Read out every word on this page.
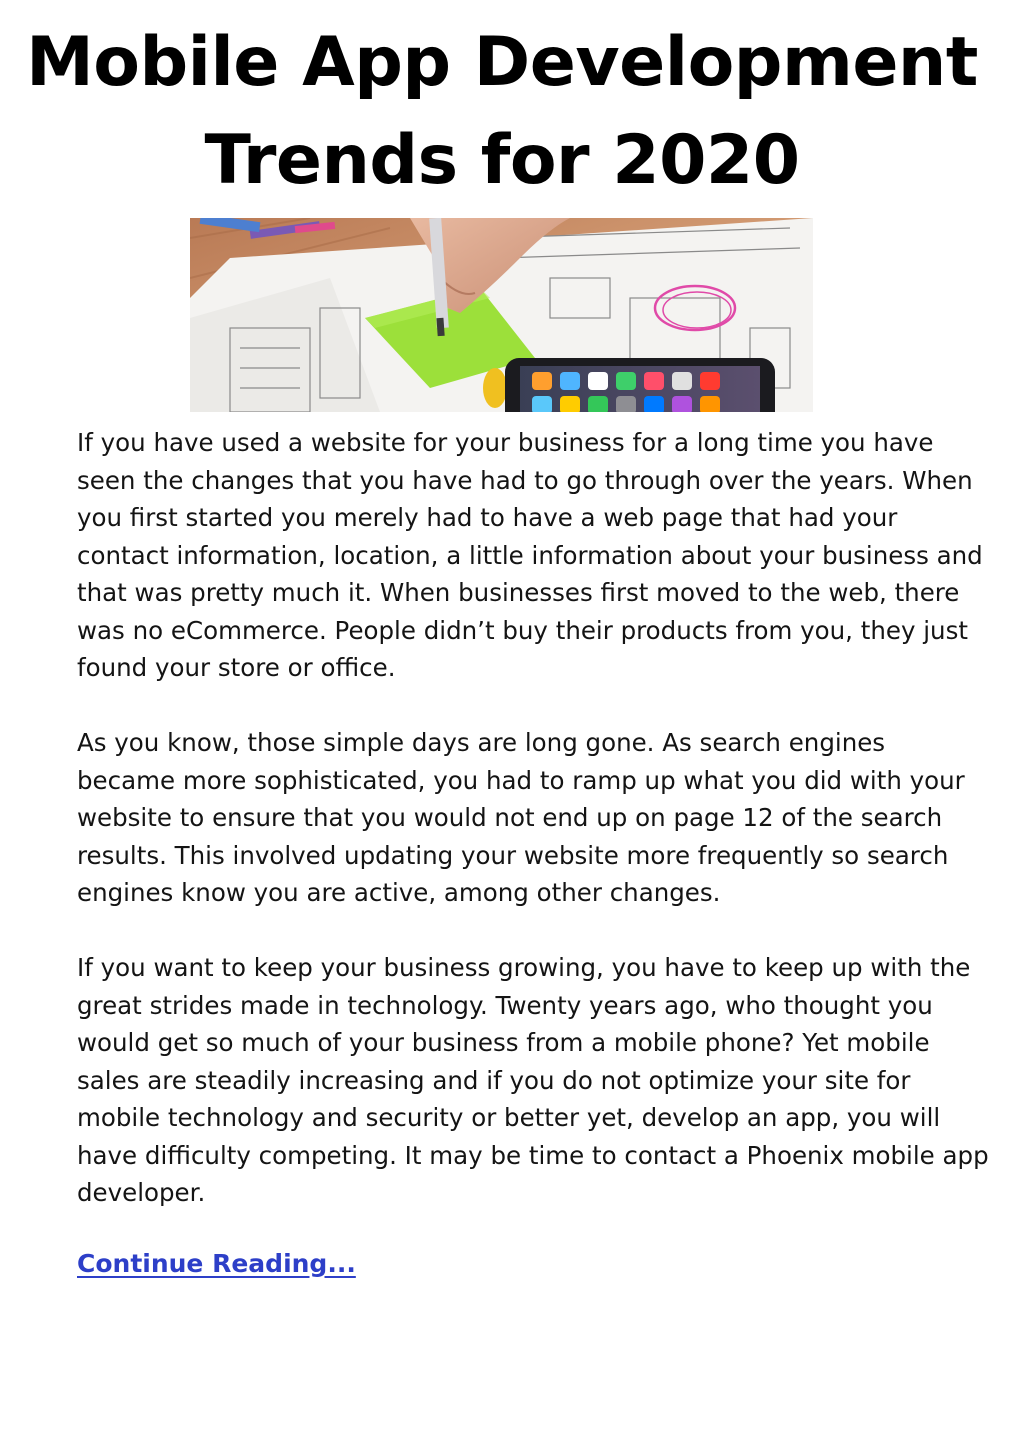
Mobile App Development
Trends for 2020

If you have used a website for your business for a long time you have seen the changes that you have had to go through over the years. When you first started you merely had to have a web page that had your contact information, location, a little information about your business and that was pretty much it. When businesses first moved to the web, there was no eCommerce. People didn’t buy their products from you, they just found your store or office.

As you know, those simple days are long gone. As search engines became more sophisticated, you had to ramp up what you did with your website to ensure that you would not end up on page 12 of the search results. This involved updating your website more frequently so search engines know you are active, among other changes.

If you want to keep your business growing, you have to keep up with the great strides made in technology. Twenty years ago, who thought you would get so much of your business from a mobile phone? Yet mobile sales are steadily increasing and if you do not optimize your site for mobile technology and security or better yet, develop an app, you will have difficulty competing. It may be time to contact a Phoenix mobile app developer.

Continue Reading...
